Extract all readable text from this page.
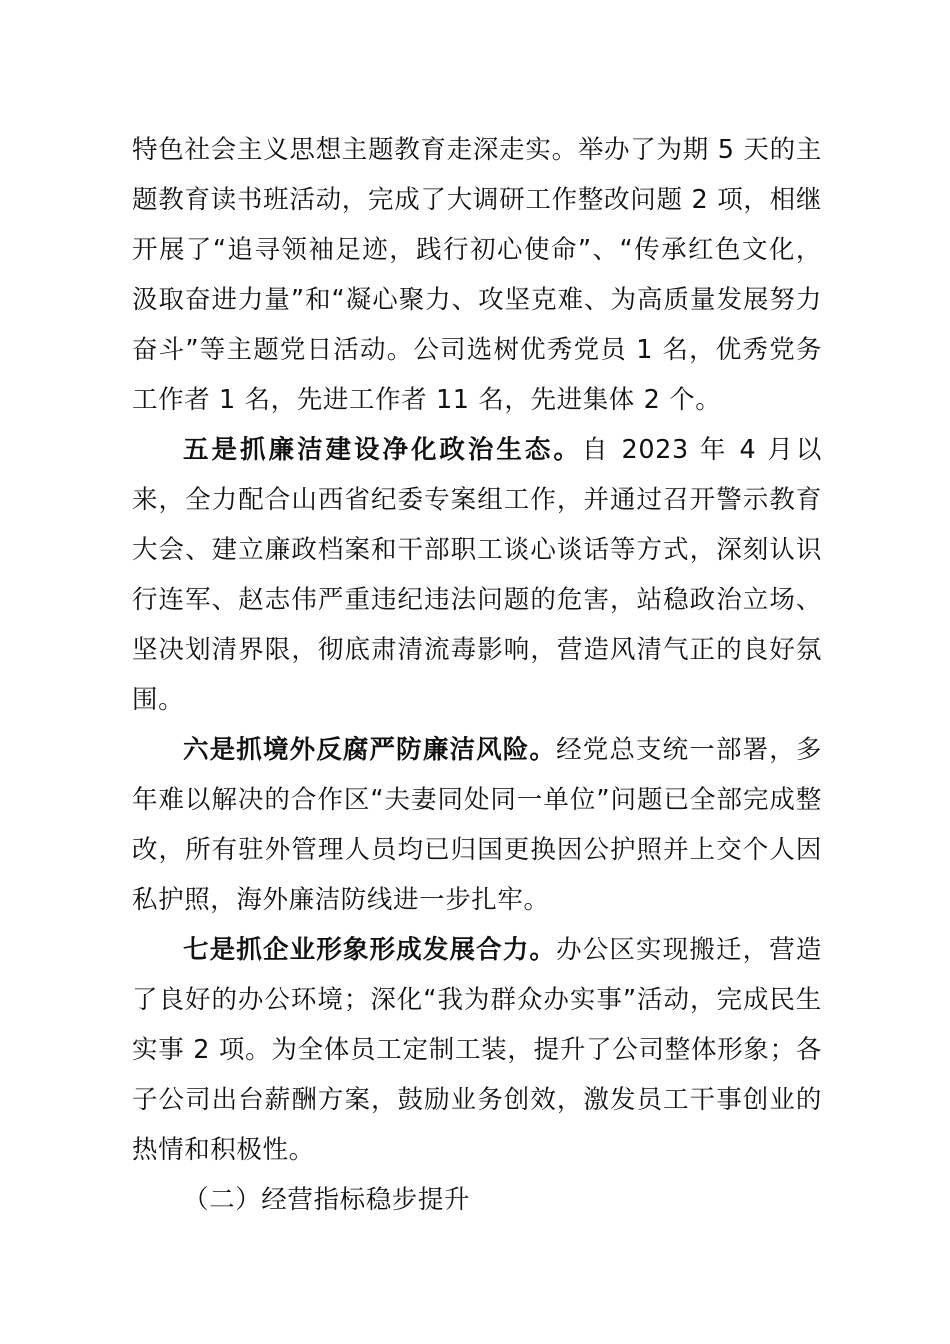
特色社会主义思想主题教育走深走实。举办了为期 5 天的主题教育读书班活动，完成了大调研工作整改问题 2 项，相继开展了“追寻领袖足迹，践行初心使命”、“传承红色文化，汲取奋进力量”和“凝心聚力、攻坚克难、为高质量发展努力奋斗”等主题党日活动。公司选树优秀党员 1 名，优秀党务工作者 1 名，先进工作者 11 名，先进集体 2 个。

五是抓廉洁建设净化政治生态。自 2023 年 4 月以来，全力配合山西省纪委专案组工作，并通过召开警示教育大会、建立廉政档案和干部职工谈心谈话等方式，深刻认识行连军、赵志伟严重违纪违法问题的危害，站稳政治立场、坚决划清界限，彻底肃清流毒影响，营造风清气正的良好氛围。

六是抓境外反腐严防廉洁风险。经党总支统一部署，多年难以解决的合作区“夫妻同处同一单位”问题已全部完成整改，所有驻外管理人员均已归国更换因公护照并上交个人因私护照，海外廉洁防线进一步扎牢。

七是抓企业形象形成发展合力。办公区实现搬迁，营造了良好的办公环境；深化“我为群众办实事”活动，完成民生实事 2 项。为全体员工定制工装，提升了公司整体形象；各子公司出台薪酬方案，鼓励业务创效，激发员工干事创业的热情和积极性。

（二）经营指标稳步提升
